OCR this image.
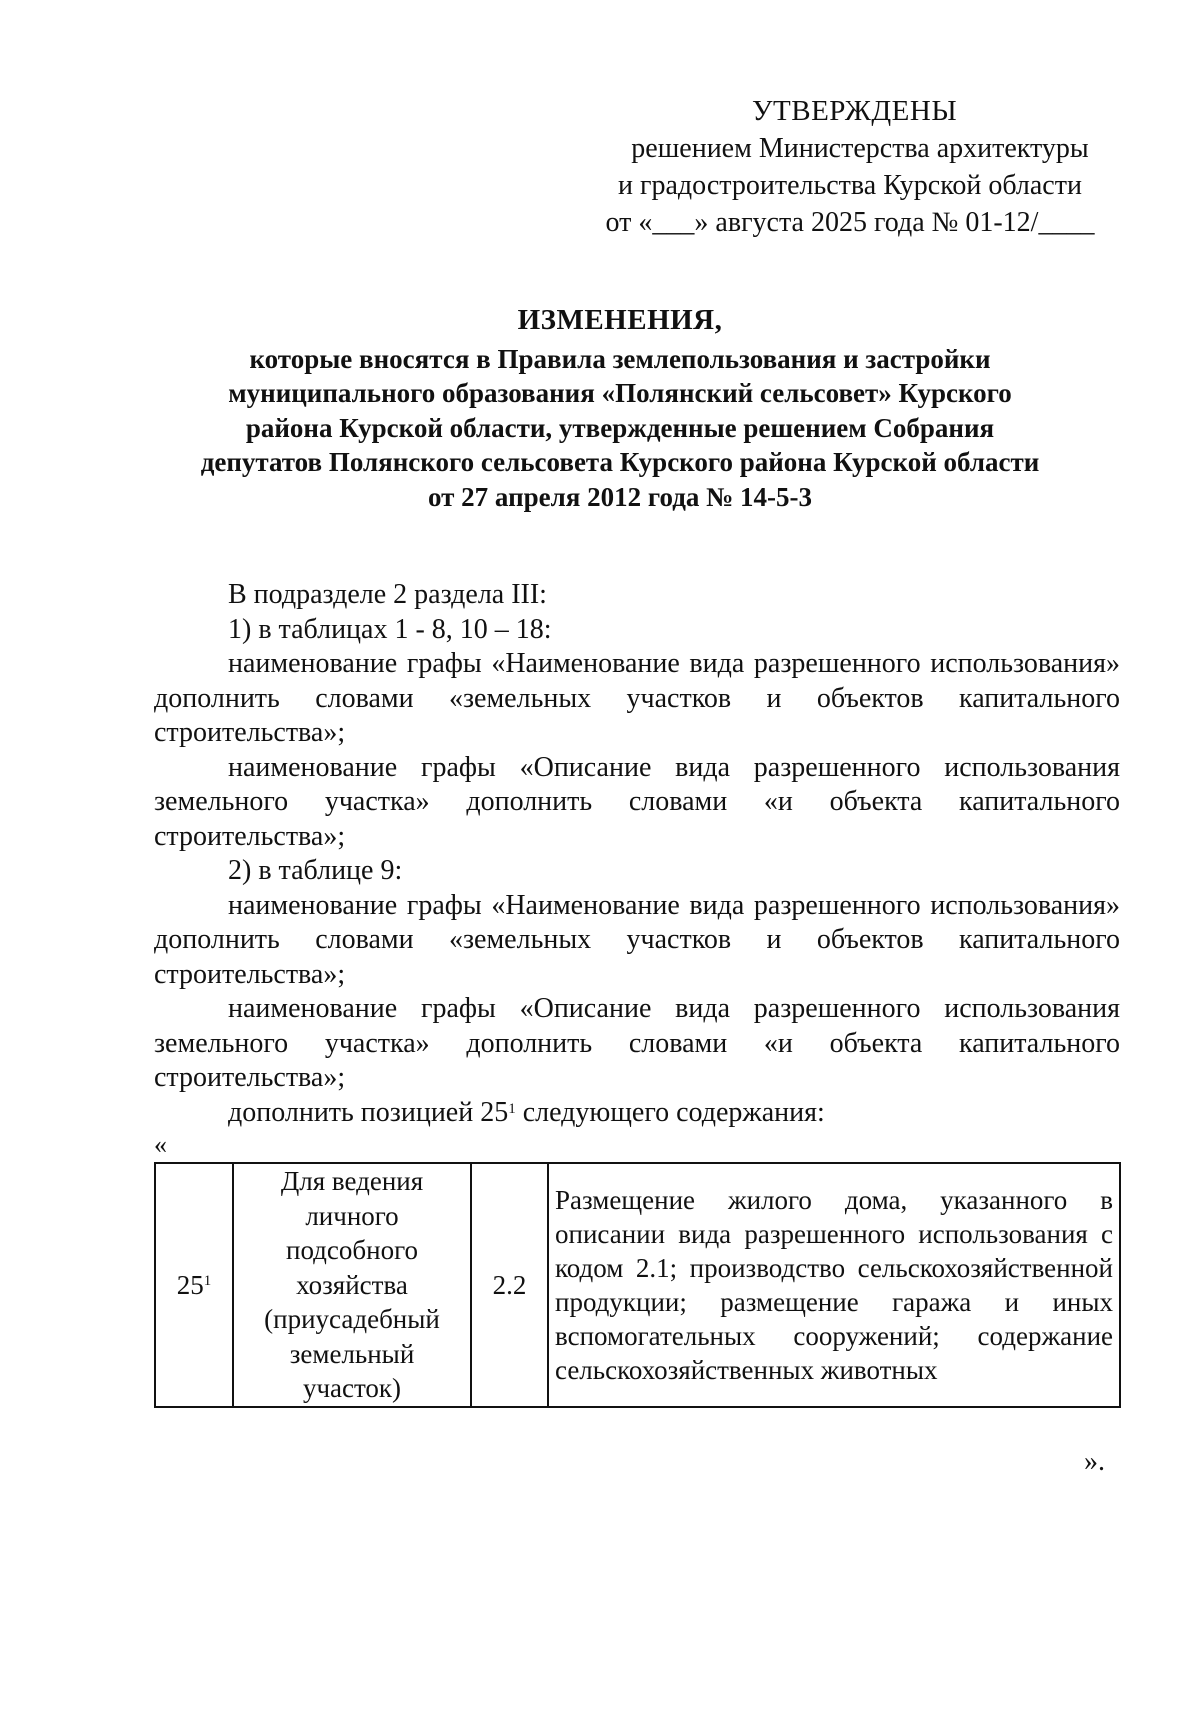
УТВЕРЖДЕНЫ
решением Министерства архитектуры
и градостроительства Курской области
от «___» августа 2025 года № 01-12/____
ИЗМЕНЕНИЯ,
которые вносятся в Правила землепользования и застройки
муниципального образования «Полянский сельсовет» Курского
района Курской области, утвержденные решением Собрания
депутатов Полянского сельсовета Курского района Курской области
от 27 апреля 2012 года № 14-5-3

В подразделе 2 раздела III:

1) в таблицах 1 - 8, 10 – 18:

наименование графы «Наименование вида разрешенного использования» дополнить словами «земельных участков и объектов капитального строительства»;

наименование графы «Описание вида разрешенного использования земельного участка» дополнить словами «и объекта капитального строительства»;

2) в таблице 9:

наименование графы «Наименование вида разрешенного использования» дополнить словами «земельных участков и объектов капитального строительства»;

наименование графы «Описание вида разрешенного использования земельного участка» дополнить словами «и объекта капитального строительства»;

дополнить позицией $25^1$ следующего содержания:

«
$25^1$	Для ведения личного подсобного хозяйства (приусадебный земельный участок)	2.2	Размещение жилого дома, указанного в описании вида разрешенного использования с кодом 2.1; производство сельскохозяйственной продукции; размещение гаража и иных вспомогательных сооружений; содержание сельскохозяйственных животных
».
